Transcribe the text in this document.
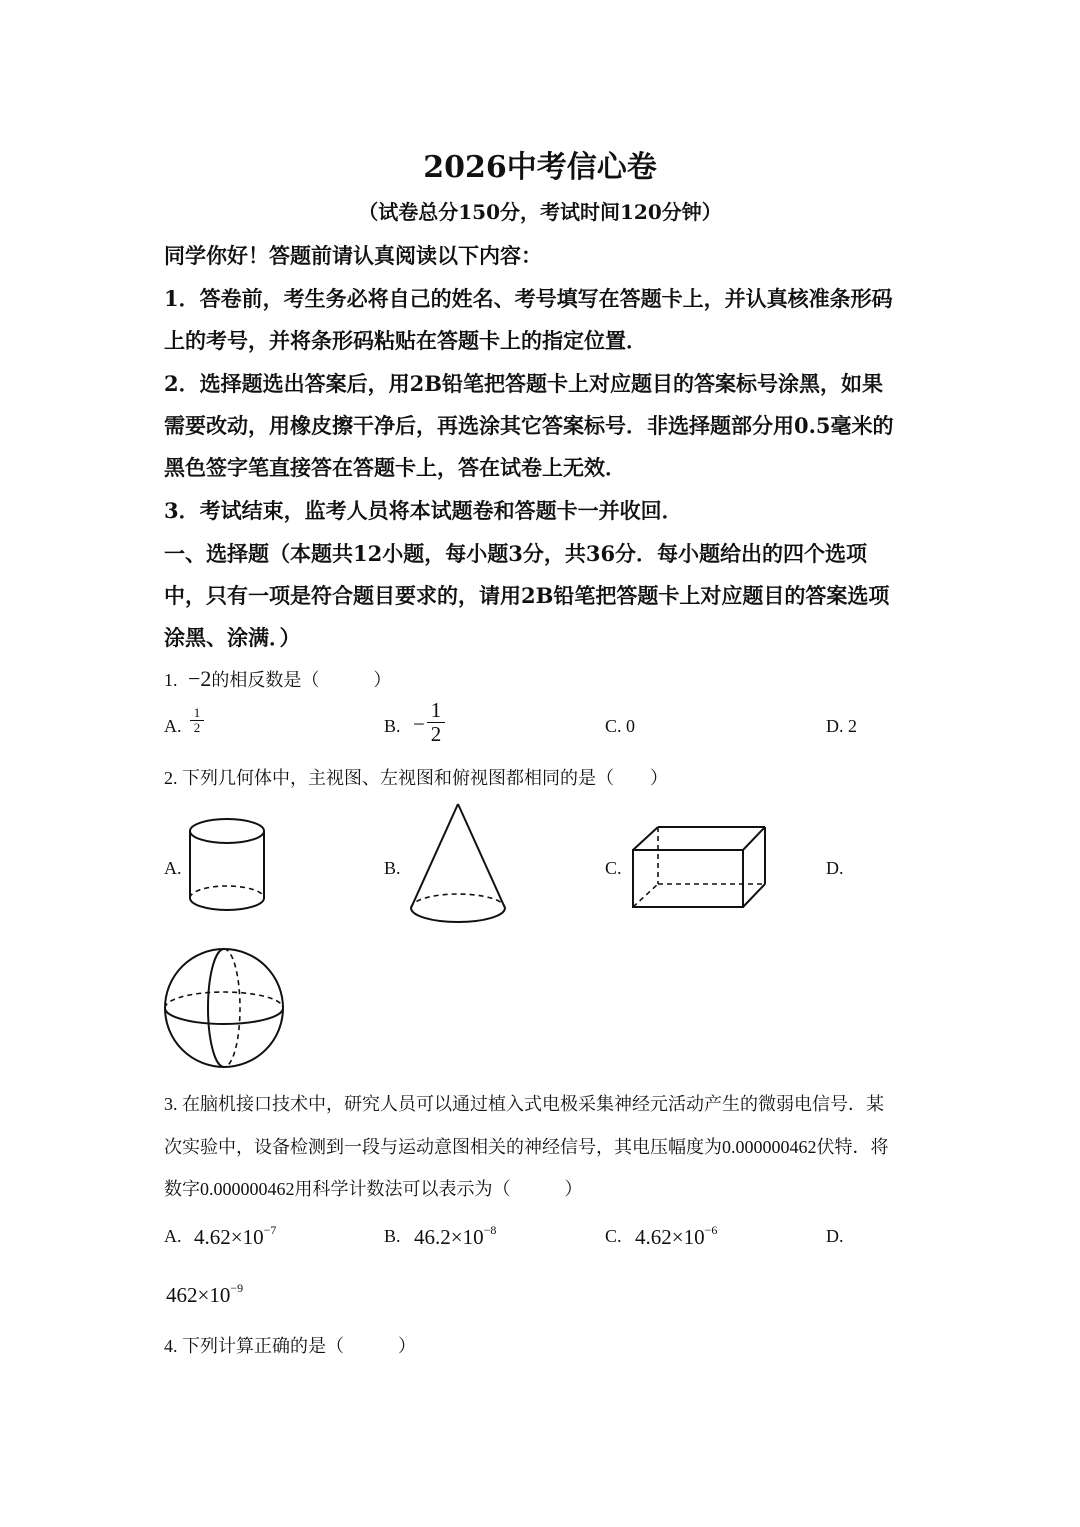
2026中考信心卷
（试卷总分150分，考试时间120分钟）
同学你好！答题前请认真阅读以下内容：
1．答卷前，考生务必将自己的姓名、考号填写在答题卡上，并认真核准条形码
上的考号，并将条形码粘贴在答题卡上的指定位置．
2．选择题选出答案后，用2B铅笔把答题卡上对应题目的答案标号涂黑，如果
需要改动，用橡皮擦干净后，再选涂其它答案标号．非选择题部分用0.5毫米的
黑色签字笔直接答在答题卡上，答在试卷上无效．
3．考试结束，监考人员将本试题卷和答题卡一并收回．
一、选择题（本题共12小题，每小题3分，共36分．每小题给出的四个选项
中，只有一项是符合题目要求的，请用2B铅笔把答题卡上对应题目的答案选项
涂黑、涂满．）
1. −2的相反数是（　　　）
A.
1
2	B. −
1
2	C. 0	D. 2
2. 下列几何体中，主视图、左视图和俯视图都相同的是（　　）
A.	B.	C.	D.
3. 在脑机接口技术中，研究人员可以通过植入式电极采集神经元活动产生的微弱电信号．某
次实验中，设备检测到一段与运动意图相关的神经信号，其电压幅度为0.000000462伏特．将
数字0.000000462用科学计数法可以表示为（　　　）
A. $4.62\times 10^{-7}$	B. $46.2\times 10^{-8}$	C. $4.62\times 10^{-6}$	D.
$462\times 10^{-9}$
4. 下列计算正确的是（　　　）
